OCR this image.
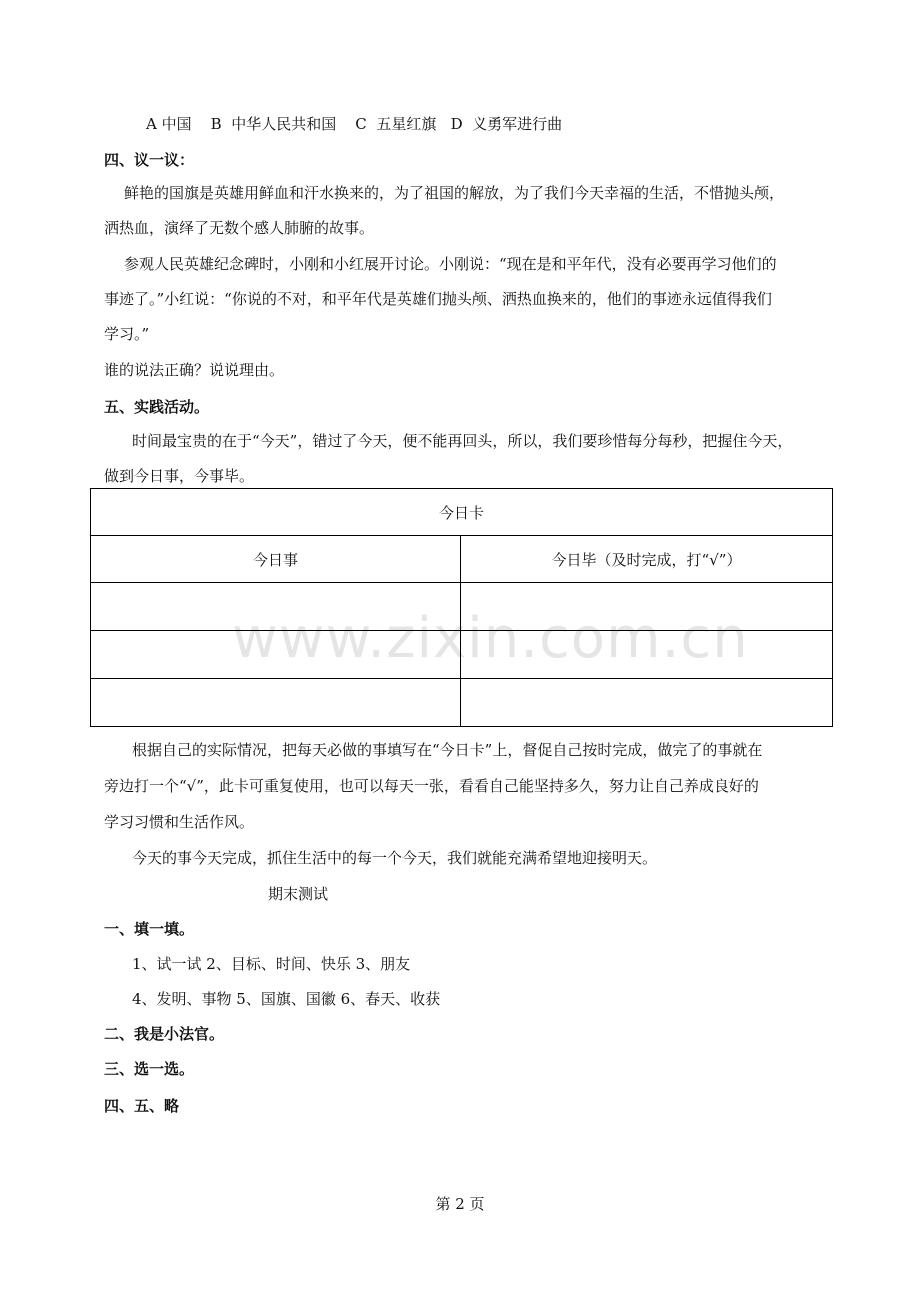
A 中国    B  中华人民共和国    C  五星红旗   D  义勇军进行曲
四、议一议：
鲜艳的国旗是英雄用鲜血和汗水换来的，为了祖国的解放，为了我们今天幸福的生活，不惜抛头颅，
洒热血，演绎了无数个感人肺腑的故事。
参观人民英雄纪念碑时，小刚和小红展开讨论。小刚说：“现在是和平年代，没有必要再学习他们的
事迹了。”小红说：“你说的不对，和平年代是英雄们抛头颅、洒热血换来的，他们的事迹永远值得我们
学习。”
谁的说法正确？说说理由。
五、实践活动。
时间最宝贵的在于“今天”，错过了今天，便不能再回头，所以，我们要珍惜每分每秒，把握住今天，
做到今日事，今事毕。
今日卡	
今日事	今日毕（及时完成，打“√”）

www.zixin.com.cn
根据自己的实际情况，把每天必做的事填写在“今日卡”上，督促自己按时完成，做完了的事就在
旁边打一个“√”，此卡可重复使用，也可以每天一张，看看自己能坚持多久，努力让自己养成良好的
学习习惯和生活作风。
今天的事今天完成，抓住生活中的每一个今天，我们就能充满希望地迎接明天。
期末测试
一、填一填。
1、试一试 2、目标、时间、快乐 3、朋友
4、发明、事物 5、国旗、国徽 6、春天、收获
二、我是小法官。
三、选一选。
四、五、略
第 2 页
